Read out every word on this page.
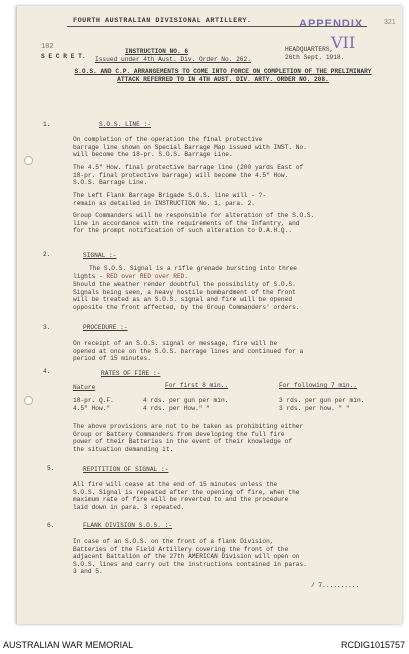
FOURTH AUSTRALIAN DIVISIONAL ARTILLERY.	APPENDIX	321
VII
182
S E C R E T.
INSTRUCTION NO. 6
Issued under 4th Aust. Div. Order No. 262.
HEADQUARTERS,
26th Sept. 1918.
S.O.S. AND C.P. ARRANGEMENTS TO COME INTO FORCE ON COMPLETION OF THE PRELIMINARY ATTACK REFERRED TO IN 4TH AUST. DIV. ARTY. ORDER NO. 208.
1.	S.O.S. LINE :-
On completion of the operation the final protective
barrage line shown on Special Barrage Map issued with INST. No.
will become the 18-pr. S.O.S. Barrage Line.
The 4.5" How. final protective barrage line (200 yards East of
18-pr. final protective barrage) will become the 4.5" How.
S.O.S. Barrage Line.
The Left Flank Barrage Brigade S.O.S. line will - ?-
remain as detailed in INSTRUCTION No. 1, para. 2.
Group Commanders will be responsible for alteration of the S.O.S.
line in accordance with the requirements of the Infantry, and
for the prompt notification of such alteration to D.A.H.Q..
2.	SIGNAL :-
The S.O.S. Signal is a rifle grenade bursting into three
lights - RED over RED over RED.
Should the weather render doubtful the possibility of S.O.S.
Signals being seen, a heavy hostile bombardment of the front
will be treated as an S.O.S. signal and fire will be opened
opposite the front affected, by the Group Commanders' orders.
3.	PROCEDURE :-
On receipt of an S.O.S. signal or message, fire will be
opened at once on the S.O.S. barrage lines and continued for a
period of 15 minutes.
4.	RATES OF FIRE :-
Nature	For first 8 min..	For following 7 min..
18-pr. Q.F.	4 rds. per gun per min.	3 rds. per gun per min.
4.5" How."	4 rds. per How." "	3 rds. per how. " "
The above provisions are not to be taken as prohibiting either
Group or Battery Commanders from developing the full fire
power of their Batteries in the event of their knowledge of
the situation demanding it.
5.	REPITITION OF SIGNAL :-
All fire will cease at the end of 15 minutes unless the
S.O.S. Signal is repeated after the opening of fire, when the
maximum rate of fire will be reverted to and the procedure
laid down in para. 3 repeated.
6.	FLANK DIVISION S.O.S. :-
In case of an S.O.S. on the front of a flank Division,
Batteries of the Field Artillery covering the front of the
adjacent Battalion of the 27th AMERICAN Division will open on
S.O.S. lines and carry out the instructions contained in paras.
3 and 5.
/ 7..........
AUSTRALIAN WAR MEMORIAL	RCDIG1015757
